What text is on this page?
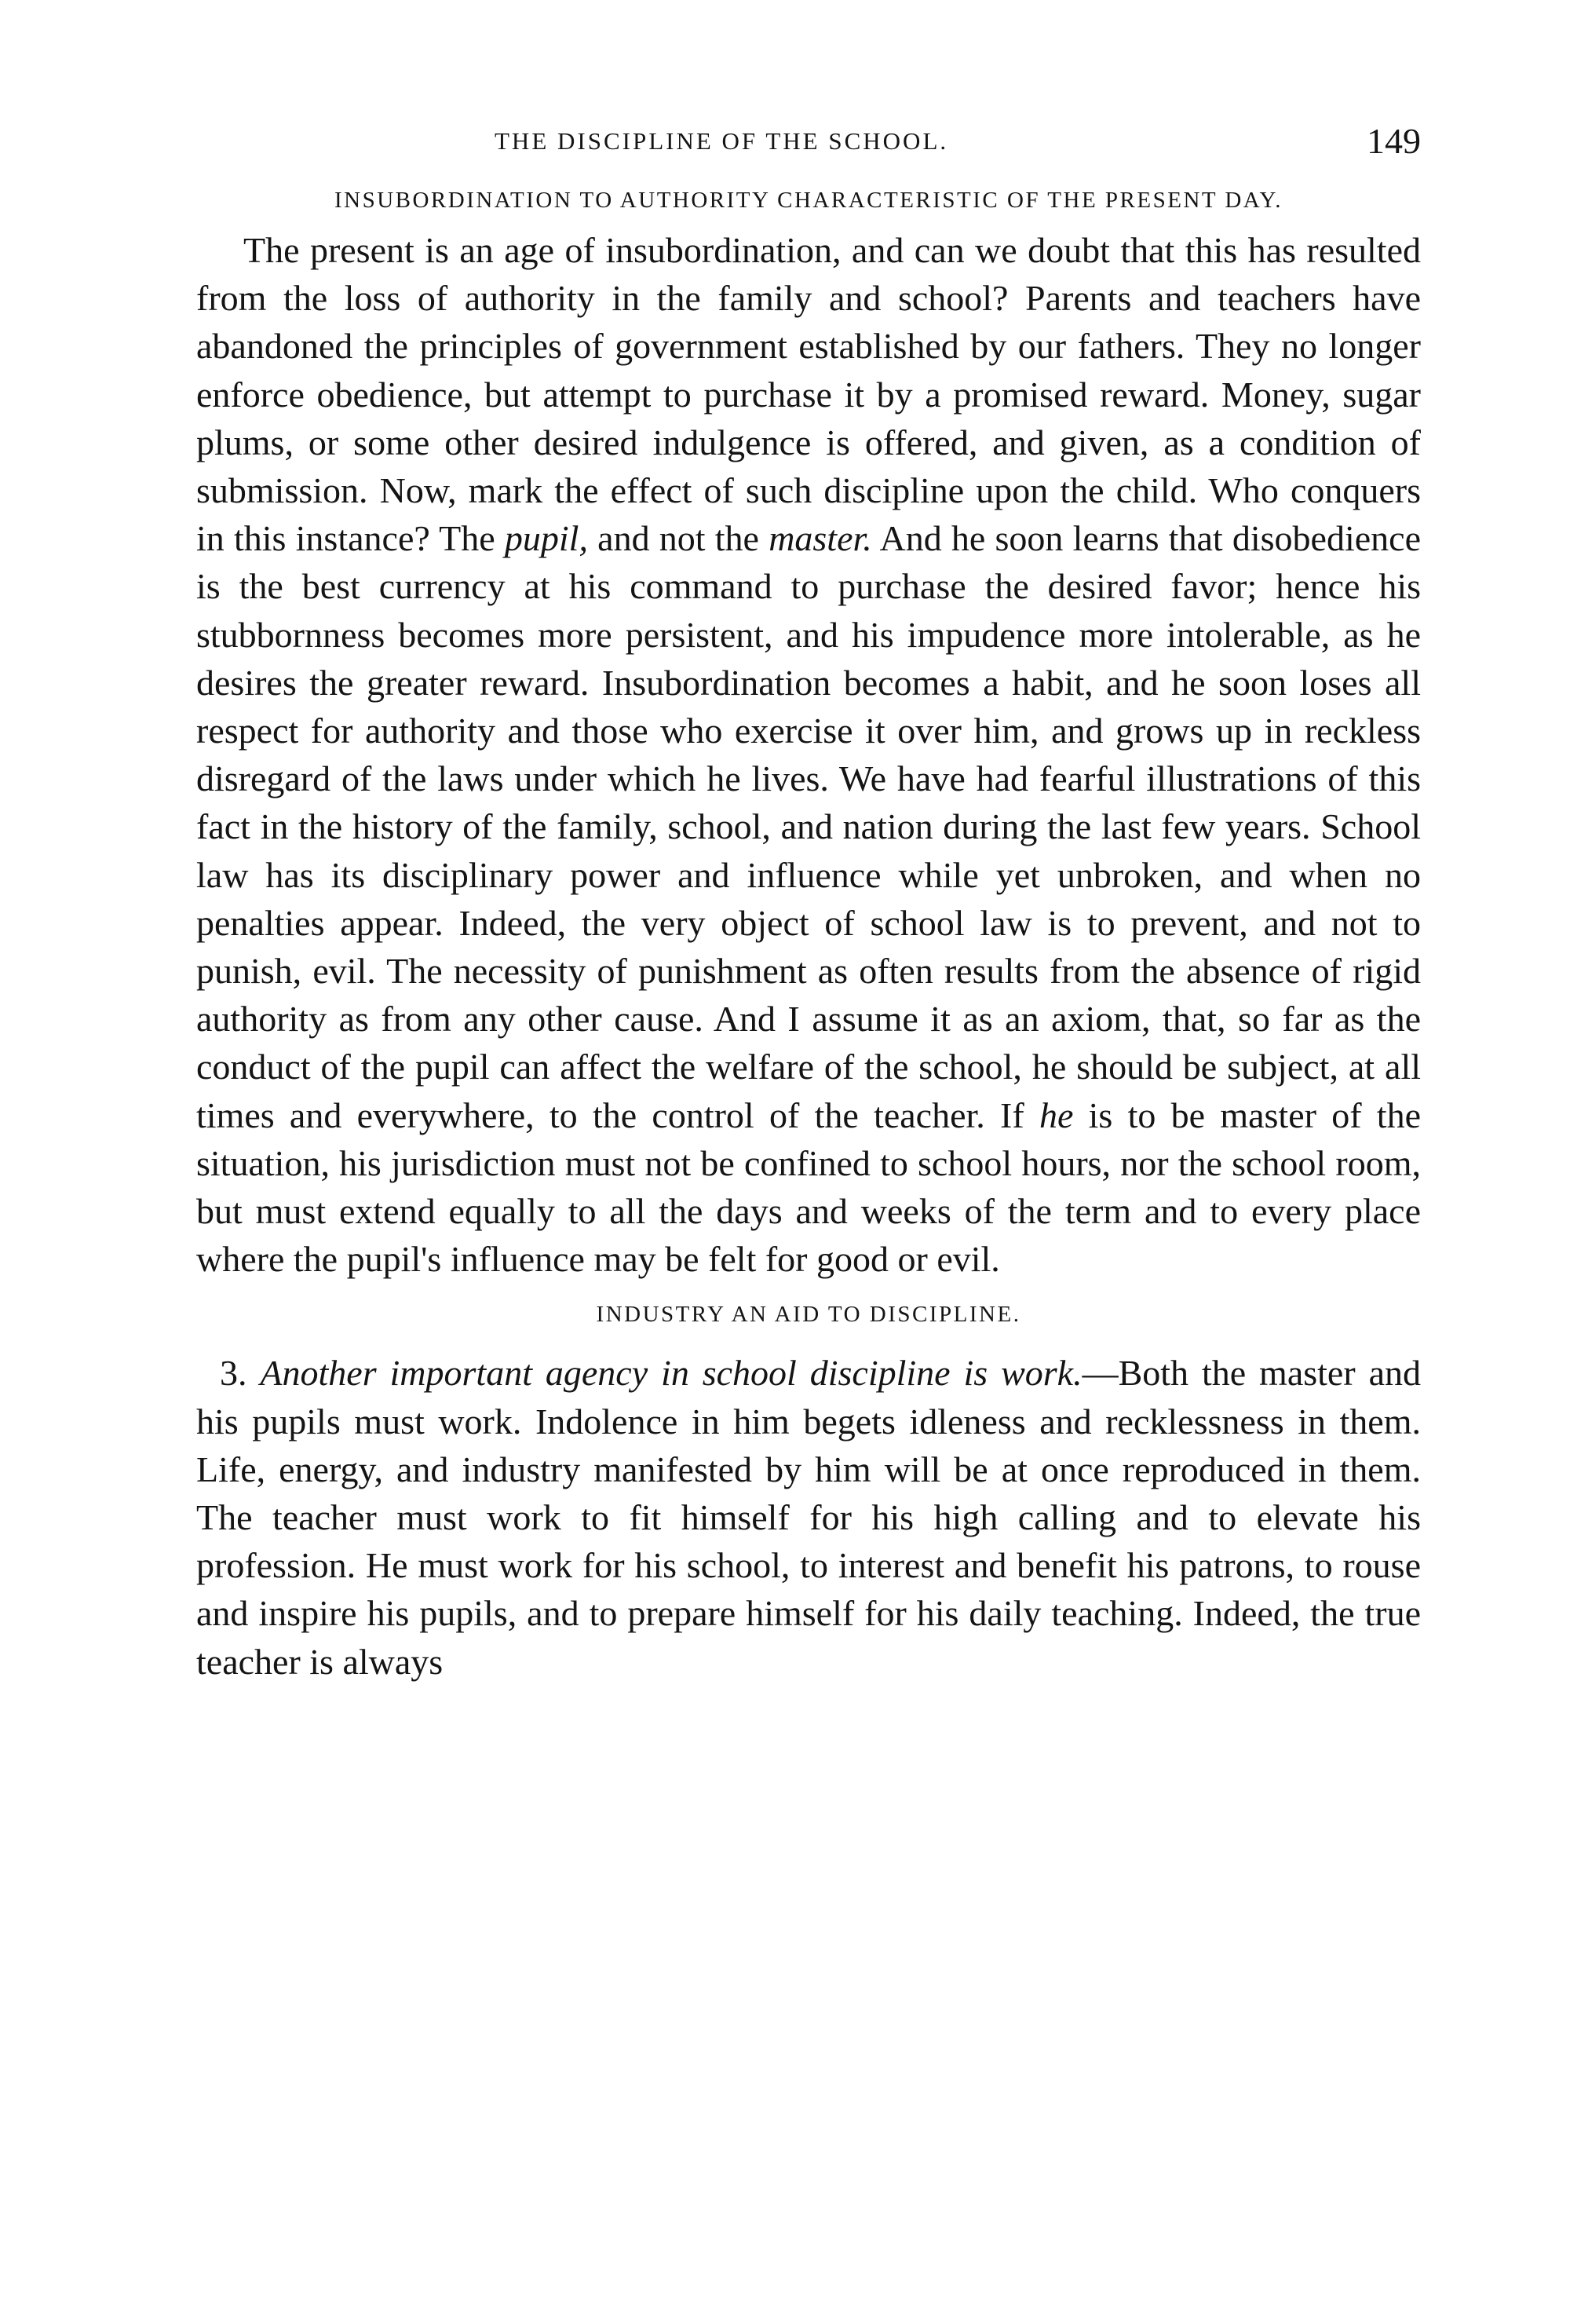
THE DISCIPLINE OF THE SCHOOL.	149
INSUBORDINATION TO AUTHORITY CHARACTERISTIC OF THE PRESENT DAY.

The present is an age of insubordination, and can we doubt that this has resulted from the loss of authority in the family and school? Parents and teachers have abandoned the principles of government established by our fathers. They no longer enforce obedience, but attempt to purchase it by a promised reward. Money, sugar plums, or some other desired indulgence is offered, and given, as a condition of submission. Now, mark the effect of such discipline upon the child. Who conquers in this instance? The pupil, and not the master. And he soon learns that disobedience is the best currency at his command to purchase the desired favor; hence his stubbornness becomes more persistent, and his impudence more intolerable, as he desires the greater reward. Insubordination becomes a habit, and he soon loses all respect for authority and those who exercise it over him, and grows up in reckless disregard of the laws under which he lives. We have had fearful illustrations of this fact in the history of the family, school, and nation during the last few years. School law has its disciplinary power and influence while yet unbroken, and when no penalties appear. Indeed, the very object of school law is to prevent, and not to punish, evil. The necessity of punishment as often results from the absence of rigid authority as from any other cause. And I assume it as an axiom, that, so far as the conduct of the pupil can affect the welfare of the school, he should be subject, at all times and everywhere, to the control of the teacher. If he is to be master of the situation, his jurisdiction must not be confined to school hours, nor the school room, but must extend equally to all the days and weeks of the term and to every place where the pupil's influence may be felt for good or evil.

INDUSTRY AN AID TO DISCIPLINE.

3. Another important agency in school discipline is work.—Both the master and his pupils must work. Indolence in him begets idleness and recklessness in them. Life, energy, and industry manifested by him will be at once reproduced in them. The teacher must work to fit himself for his high calling and to elevate his profession. He must work for his school, to interest and benefit his patrons, to rouse and inspire his pupils, and to prepare himself for his daily teaching. Indeed, the true teacher is always
